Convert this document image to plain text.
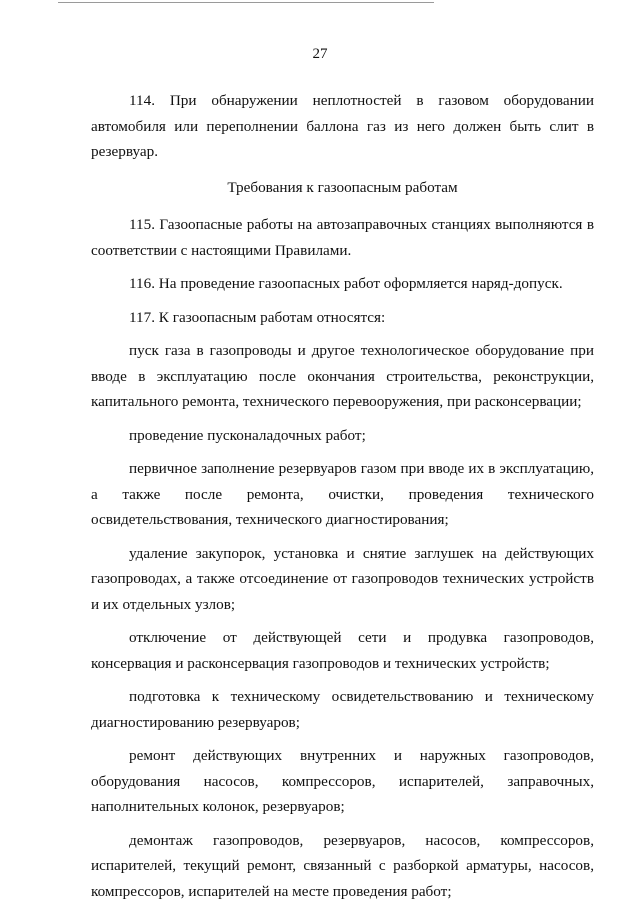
27

114. При обнаружении неплотностей в газовом оборудовании автомобиля или переполнении баллона газ из него должен быть слит в резервуар.

Требования к газоопасным работам

115. Газоопасные работы на автозаправочных станциях выполняются в соответствии с настоящими Правилами.

116. На проведение газоопасных работ оформляется наряд-допуск.

117. К газоопасным работам относятся:

пуск газа в газопроводы и другое технологическое оборудование при вводе в эксплуатацию после окончания строительства, реконструкции, капитального ремонта, технического перевооружения, при расконсервации;

проведение пусконаладочных работ;

первичное заполнение резервуаров газом при вводе их в эксплуатацию, а также после ремонта, очистки, проведения технического освидетельствования, технического диагностирования;

удаление закупорок, установка и снятие заглушек на действующих газопроводах, а также отсоединение от газопроводов технических устройств и их отдельных узлов;

отключение от действующей сети и продувка газопроводов, консервация и расконсервация газопроводов и технических устройств;

подготовка к техническому освидетельствованию и техническому диагностированию резервуаров;

ремонт действующих внутренних и наружных газопроводов, оборудования насосов, компрессоров, испарителей, заправочных, наполнительных колонок, резервуаров;

демонтаж газопроводов, резервуаров, насосов, компрессоров, испарителей, текущий ремонт, связанный с разборкой арматуры, насосов, компрессоров, испарителей на месте проведения работ;
